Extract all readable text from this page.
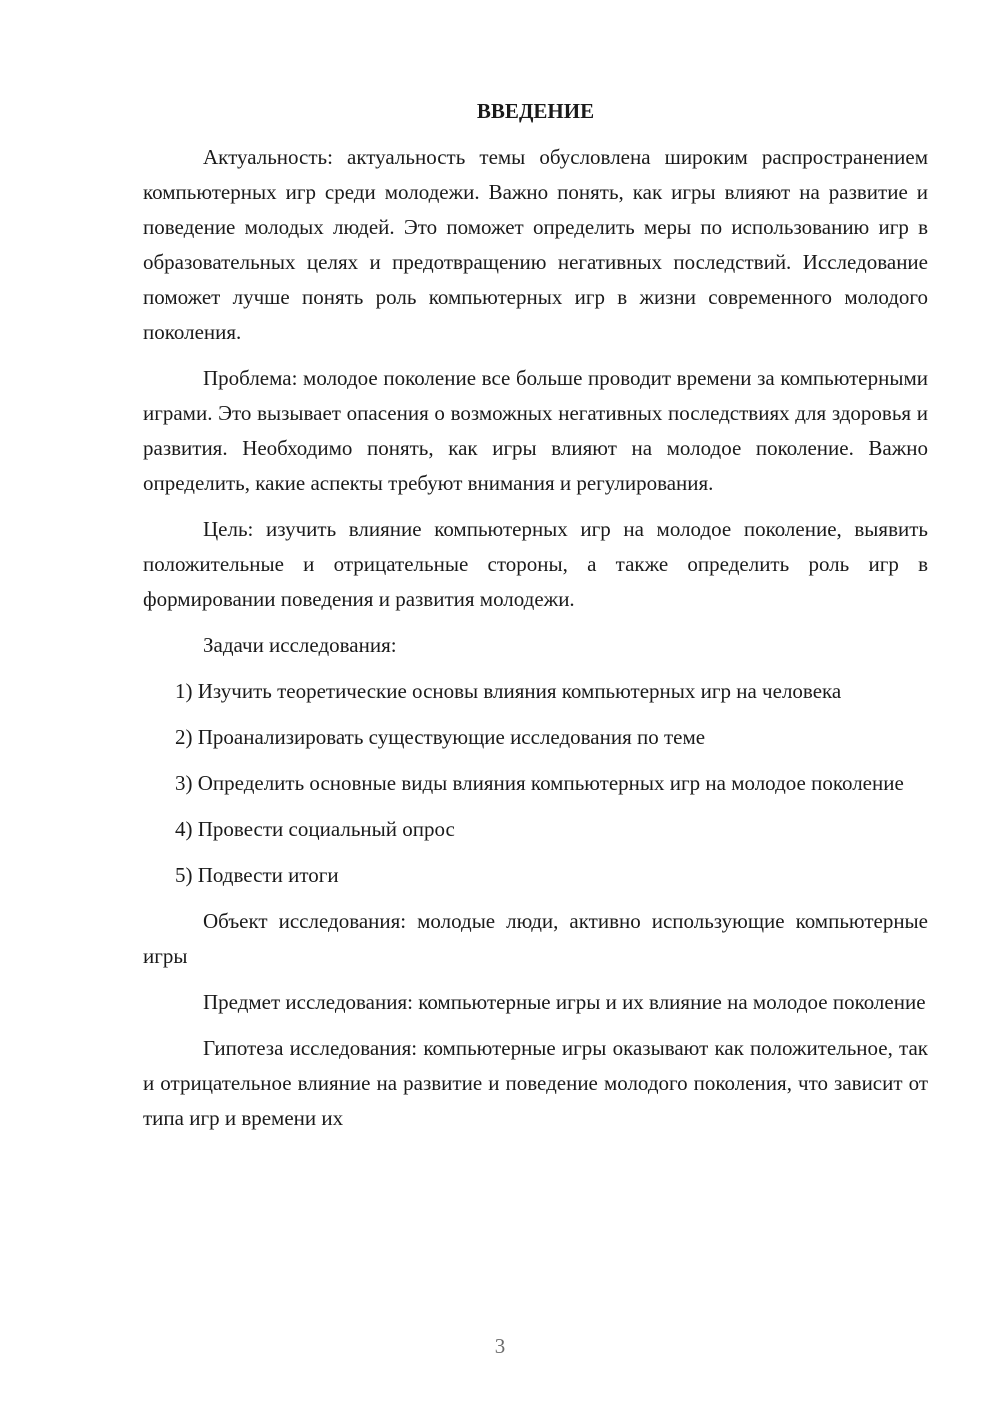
ВВЕДЕНИЕ

Актуальность: актуальность темы обусловлена широким распространением компьютерных игр среди молодежи. Важно понять, как игры влияют на развитие и поведение молодых людей. Это поможет определить меры по использованию игр в образовательных целях и предотвращению негативных последствий. Исследование поможет лучше понять роль компьютерных игр в жизни современного молодого поколения.

Проблема: молодое поколение все больше проводит времени за компьютерными играми. Это вызывает опасения о возможных негативных последствиях для здоровья и развития. Необходимо понять, как игры влияют на молодое поколение. Важно определить, какие аспекты требуют внимания и регулирования.

Цель: изучить влияние компьютерных игр на молодое поколение, выявить положительные и отрицательные стороны, а также определить роль игр в формировании поведения и развития молодежи.

Задачи исследования:

1) Изучить теоретические основы влияния компьютерных игр на человека

2) Проанализировать существующие исследования по теме

3) Определить основные виды влияния компьютерных игр на молодое поколение

4) Провести социальный опрос

5) Подвести итоги

Объект исследования: молодые люди, активно использующие компьютерные игры

Предмет исследования: компьютерные игры и их влияние на молодое поколение

Гипотеза исследования: компьютерные игры оказывают как положительное, так и отрицательное влияние на развитие и поведение молодого поколения, что зависит от типа игр и времени их

3
